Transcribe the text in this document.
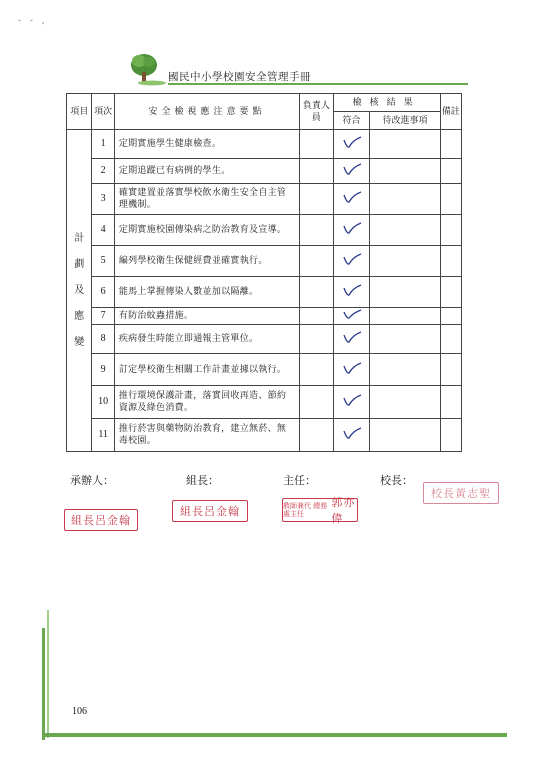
- - ,
國民中小學校園安全管理手冊
項目	項次	安全檢視應注意要點	負責人員	檢核結果		備註
				符合	待改進事項	

計
劃
及
應
變	1	定期實施學生健康檢查。				
	2	定期追蹤已有病例的學生。				
	3	確實建置並落實學校飲水衛生安全自主管理機制。				
	4	定期實施校園傳染病之防治教育及宣導。				
	5	編列學校衛生保健經費並確實執行。				
	6	能馬上掌握傳染人數並加以隔離。				
	7	有防治蚊蟲措施。				
	8	疾病發生時能立即通報主管單位。				
	9	訂定學校衛生相關工作計畫並據以執行。				
	10	推行環境保護計畫，落實回收再造、節約資源及綠色消費。				
	11	推行菸害與藥物防治教育，建立無菸、無毒校園。				
承辦人：	組長：	主任：	校長：
組長呂金翰
組長呂金翰	教師兼代 總務處主任
郭亦偉
校長黃志聖
106
